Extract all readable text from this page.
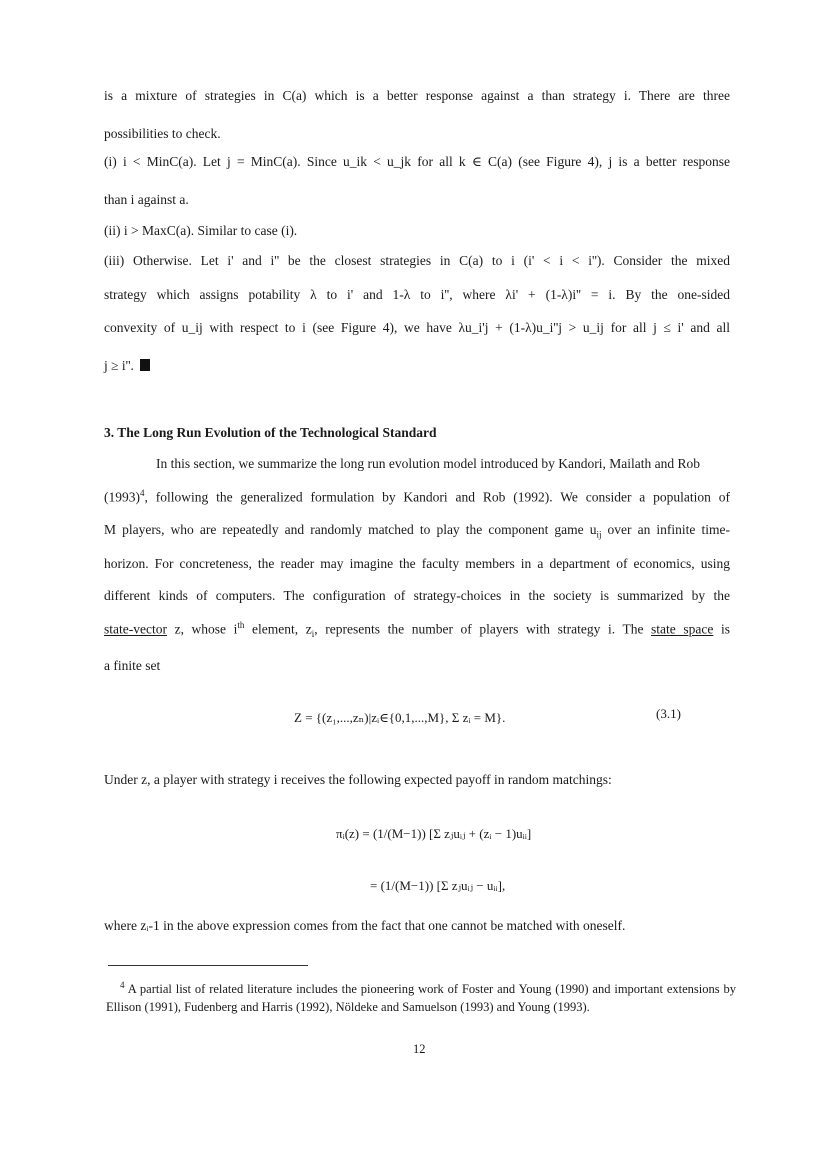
is a mixture of strategies in C(a) which is a better response against a than strategy i. There are three
possibilities to check.
(i) i < MinC(a). Let j = MinC(a). Since u_ik < u_jk for all k ∈ C(a) (see Figure 4), j is a better response
than i against a.
(ii) i > MaxC(a). Similar to case (i).
(iii) Otherwise. Let i' and i'' be the closest strategies in C(a) to i (i' < i < i''). Consider the mixed
strategy which assigns potability λ to i' and 1-λ to i'', where λi' + (1-λ)i'' = i. By the one-sided
convexity of u_ij with respect to i (see Figure 4), we have λu_i'j + (1-λ)u_i''j > u_ij for all j ≤ i' and all
j ≥ i''.
3. The Long Run Evolution of the Technological Standard
In this section, we summarize the long run evolution model introduced by Kandori, Mailath and Rob
$(1993)^4$, following the generalized formulation by Kandori and Rob (1992). We consider a population of
M players, who are repeatedly and randomly matched to play the component game $u_{ij}$ over an infinite time-
horizon. For concreteness, the reader may imagine the faculty members in a department of economics, using
different kinds of computers. The configuration of strategy-choices in the society is summarized by the
state-vector z, whose $i^{th}$ element, $z_i$, represents the number of players with strategy i. The state space is
a finite set
Z = {(z₁,...,zₙ)|zᵢ∈{0,1,...,M}, Σ zᵢ = M}.	(3.1)
Under z, a player with strategy i receives the following expected payoff in random matchings:
πᵢ(z) = (1/(M−1)) [Σ zⱼuᵢⱼ + (zᵢ − 1)uᵢᵢ]
= (1/(M−1)) [Σ zⱼuᵢⱼ − uᵢᵢ],
where zᵢ-1 in the above expression comes from the fact that one cannot be matched with oneself.
$^4$ A partial list of related literature includes the pioneering work of Foster and Young (1990) and important extensions by Ellison (1991), Fudenberg and Harris (1992), Nöldeke and Samuelson (1993) and Young (1993).
12
